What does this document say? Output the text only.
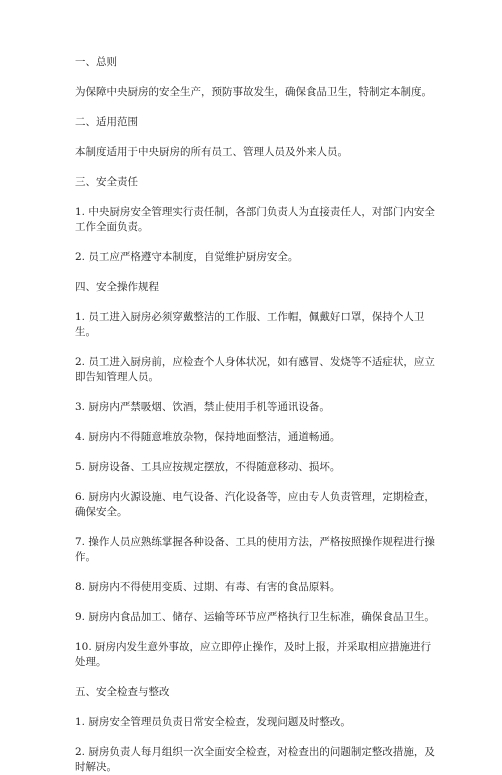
一、总则

为保障中央厨房的安全生产，预防事故发生，确保食品卫生，特制定本制度。

二、适用范围

本制度适用于中央厨房的所有员工、管理人员及外来人员。

三、安全责任

1. 中央厨房安全管理实行责任制，各部门负责人为直接责任人，对部门内安全工作全面负责。

2. 员工应严格遵守本制度，自觉维护厨房安全。

四、安全操作规程

1. 员工进入厨房必须穿戴整洁的工作服、工作帽，佩戴好口罩，保持个人卫生。

2. 员工进入厨房前，应检查个人身体状况，如有感冒、发烧等不适症状，应立即告知管理人员。

3. 厨房内严禁吸烟、饮酒，禁止使用手机等通讯设备。

4. 厨房内不得随意堆放杂物，保持地面整洁，通道畅通。

5. 厨房设备、工具应按规定摆放，不得随意移动、损坏。

6. 厨房内火源设施、电气设备、汽化设备等，应由专人负责管理，定期检查，确保安全。

7. 操作人员应熟练掌握各种设备、工具的使用方法，严格按照操作规程进行操作。

8. 厨房内不得使用变质、过期、有毒、有害的食品原料。

9. 厨房内食品加工、储存、运输等环节应严格执行卫生标准，确保食品卫生。

10. 厨房内发生意外事故，应立即停止操作，及时上报，并采取相应措施进行处理。

五、安全检查与整改

1. 厨房安全管理员负责日常安全检查，发现问题及时整改。

2. 厨房负责人每月组织一次全面安全检查，对检查出的问题制定整改措施，及时解决。
